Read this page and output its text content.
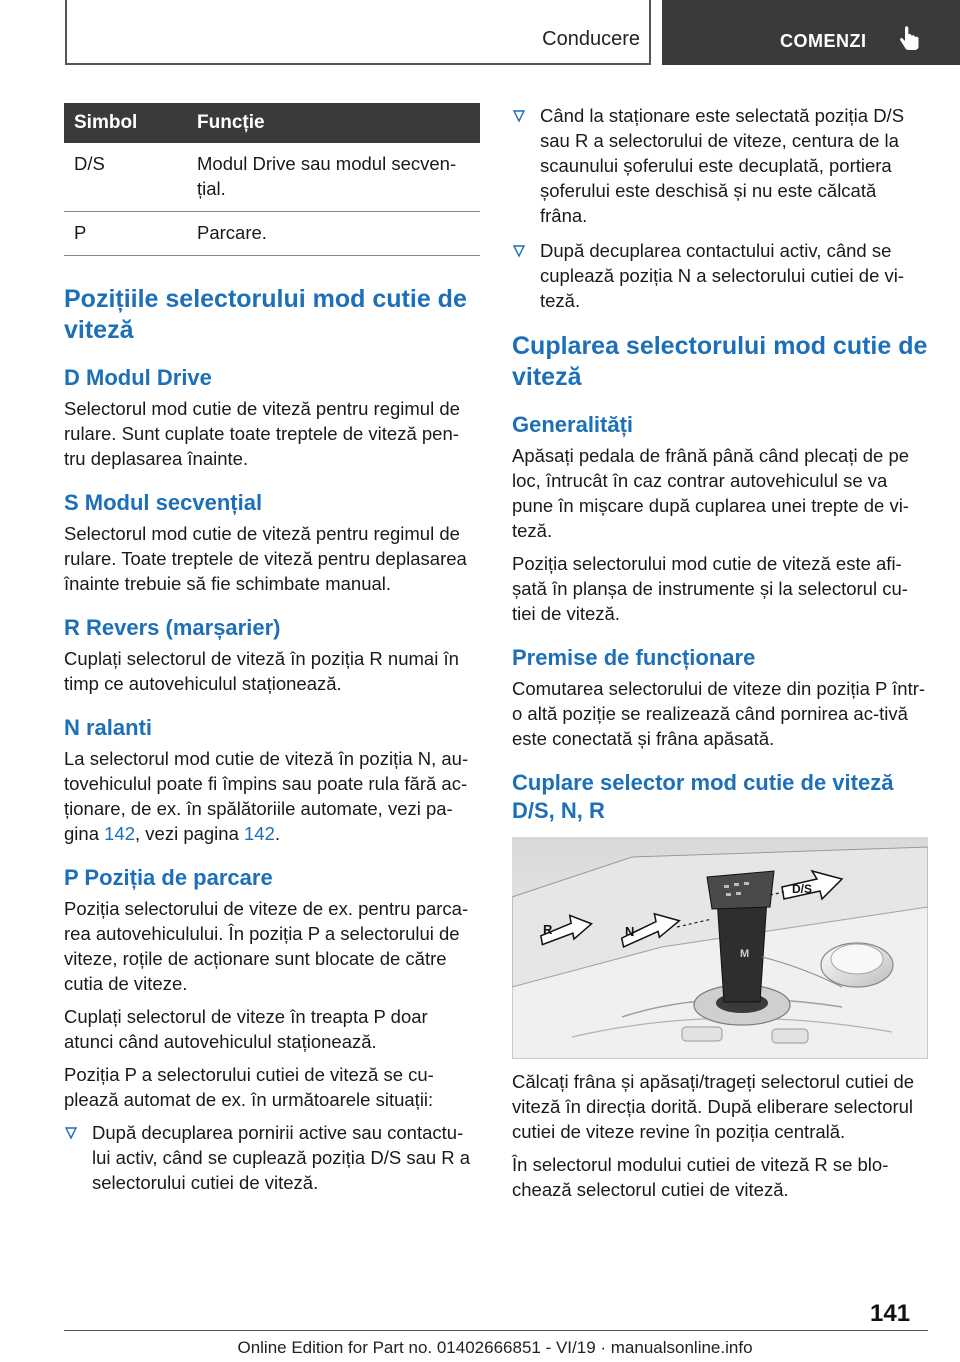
Conducere	COMENZI
Simbol	Funcție
D/S	Modul Drive sau modul secven‐țial.
P	Parcare.
Pozițiile selectorului mod cutie de viteză
D Modul Drive

Selectorul mod cutie de viteză pentru regimul de rulare. Sunt cuplate toate treptele de viteză pen‐tru deplasarea înainte.

S Modul secvențial

Selectorul mod cutie de viteză pentru regimul de rulare. Toate treptele de viteză pentru deplasarea înainte trebuie să fie schimbate manual.

R Revers (marșarier)

Cuplați selectorul de viteză în poziția R numai în timp ce autovehiculul staționează.

N ralanti

La selectorul mod cutie de viteză în poziția N, au‐tovehiculul poate fi împins sau poate rula fără ac‐ționare, de ex. în spălătoriile automate, vezi pa‐gina 142, vezi pagina 142.

P Poziția de parcare

Poziția selectorului de viteze de ex. pentru parca‐rea autovehiculului. În poziția P a selectorului de viteze, roțile de acționare sunt blocate de către cutia de viteze.

Cuplați selectorul de viteze în treapta P doar atunci când autovehiculul staționează.

Poziția P a selectorului cutiei de viteză se cu‐plează automat de ex. în următoarele situații:

După decuplarea pornirii active sau contactu‐lui activ, când se cuplează poziția D/S sau R a selectorului cutiei de viteză.
Când la staționare este selectată poziția D/S sau R a selectorului de viteze, centura de la scaunului șoferului este decuplată, portiera șoferului este deschisă și nu este călcată frâna.
După decuplarea contactului activ, când se cuplează poziția N a selectorului cutiei de vi‐teză.
Cuplarea selectorului mod cutie de viteză
Generalități

Apăsați pedala de frână până când plecați de pe loc, întrucât în caz contrar autovehiculul se va pune în mișcare după cuplarea unei trepte de vi‐teză.

Poziția selectorului mod cutie de viteză este afi‐șată în planșa de instrumente și la selectorul cu‐tiei de viteză.

Premise de funcționare

Comutarea selectorului de viteze din poziția P într-o altă poziție se realizează când pornirea ac‐tivă este conectată și frâna apăsată.

Cuplare selector mod cutie de viteză D/S, N, R
M
R	N
D/S

Călcați frâna și apăsați/trageți selectorul cutiei de viteză în direcția dorită. După eliberare selectorul cutiei de viteze revine în poziția centrală.

În selectorul modului cutiei de viteză R se blo‐chează selectorul cutiei de viteză.

141
Online Edition for Part no. 01402666851 - VI/19 · manualsonline.info
